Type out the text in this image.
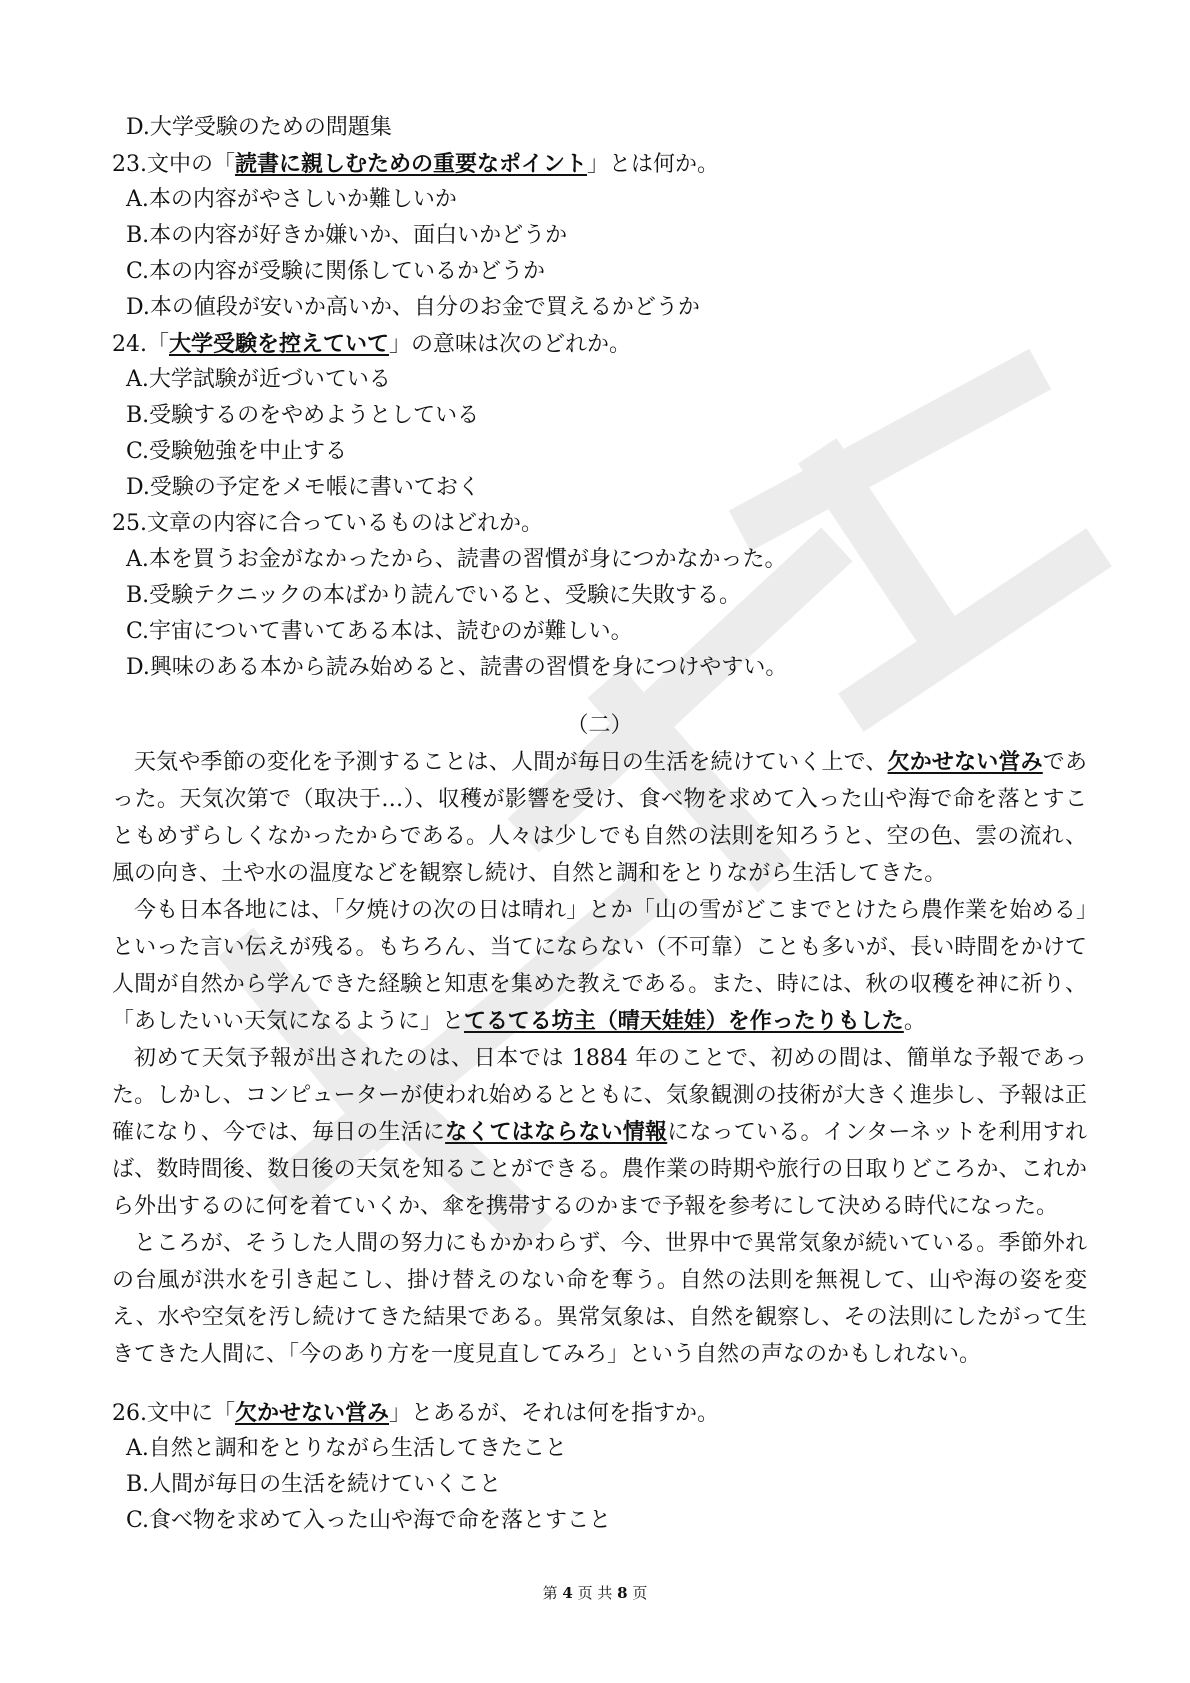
D.大学受験のための問題集
23.文中の「読書に親しむための重要なポイント」とは何か。
A.本の内容がやさしいか難しいか
B.本の内容が好きか嫌いか、面白いかどうか
C.本の内容が受験に関係しているかどうか
D.本の値段が安いか高いか、自分のお金で買えるかどうか
24.「大学受験を控えていて」の意味は次のどれか。
A.大学試験が近づいている
B.受験するのをやめようとしている
C.受験勉強を中止する
D.受験の予定をメモ帳に書いておく
25.文章の内容に合っているものはどれか。
A.本を買うお金がなかったから、読書の習慣が身につかなかった。
B.受験テクニックの本ばかり読んでいると、受験に失敗する。
C.宇宙について書いてある本は、読むのが難しい。
D.興味のある本から読み始めると、読書の習慣を身につけやすい。
（二）

天気や季節の変化を予測することは、人間が毎日の生活を続けていく上で、欠かせない営みであった。天気次第で（取决于…）、収穫が影響を受け、食べ物を求めて入った山や海で命を落とすこともめずらしくなかったからである。人々は少しでも自然の法則を知ろうと、空の色、雲の流れ、風の向き、土や水の温度などを観察し続け、自然と調和をとりながら生活してきた。

今も日本各地には、「夕焼けの次の日は晴れ」とか「山の雪がどこまでとけたら農作業を始める」といった言い伝えが残る。もちろん、当てにならない（不可靠）ことも多いが、長い時間をかけて人間が自然から学んできた経験と知恵を集めた教えである。また、時には、秋の収穫を神に祈り、「あしたいい天気になるように」とてるてる坊主（晴天娃娃）を作ったりもした。

初めて天気予報が出されたのは、日本では 1884 年のことで、初めの間は、簡単な予報であった。しかし、コンピューターが使われ始めるとともに、気象観測の技術が大きく進歩し、予報は正確になり、今では、毎日の生活になくてはならない情報になっている。インターネットを利用すれば、数時間後、数日後の天気を知ることができる。農作業の時期や旅行の日取りどころか、これから外出するのに何を着ていくか、傘を携帯するのかまで予報を参考にして決める時代になった。

ところが、そうした人間の努力にもかかわらず、今、世界中で異常気象が続いている。季節外れの台風が洪水を引き起こし、掛け替えのない命を奪う。自然の法則を無視して、山や海の姿を変え、水や空気を汚し続けてきた結果である。異常気象は、自然を観察し、その法則にしたがって生きてきた人間に、「今のあり方を一度見直してみろ」という自然の声なのかもしれない。

26.文中に「欠かせない営み」とあるが、それは何を指すか。
A.自然と調和をとりながら生活してきたこと
B.人間が毎日の生活を続けていくこと
C.食べ物を求めて入った山や海で命を落とすこと
第 4 页 共 8 页
